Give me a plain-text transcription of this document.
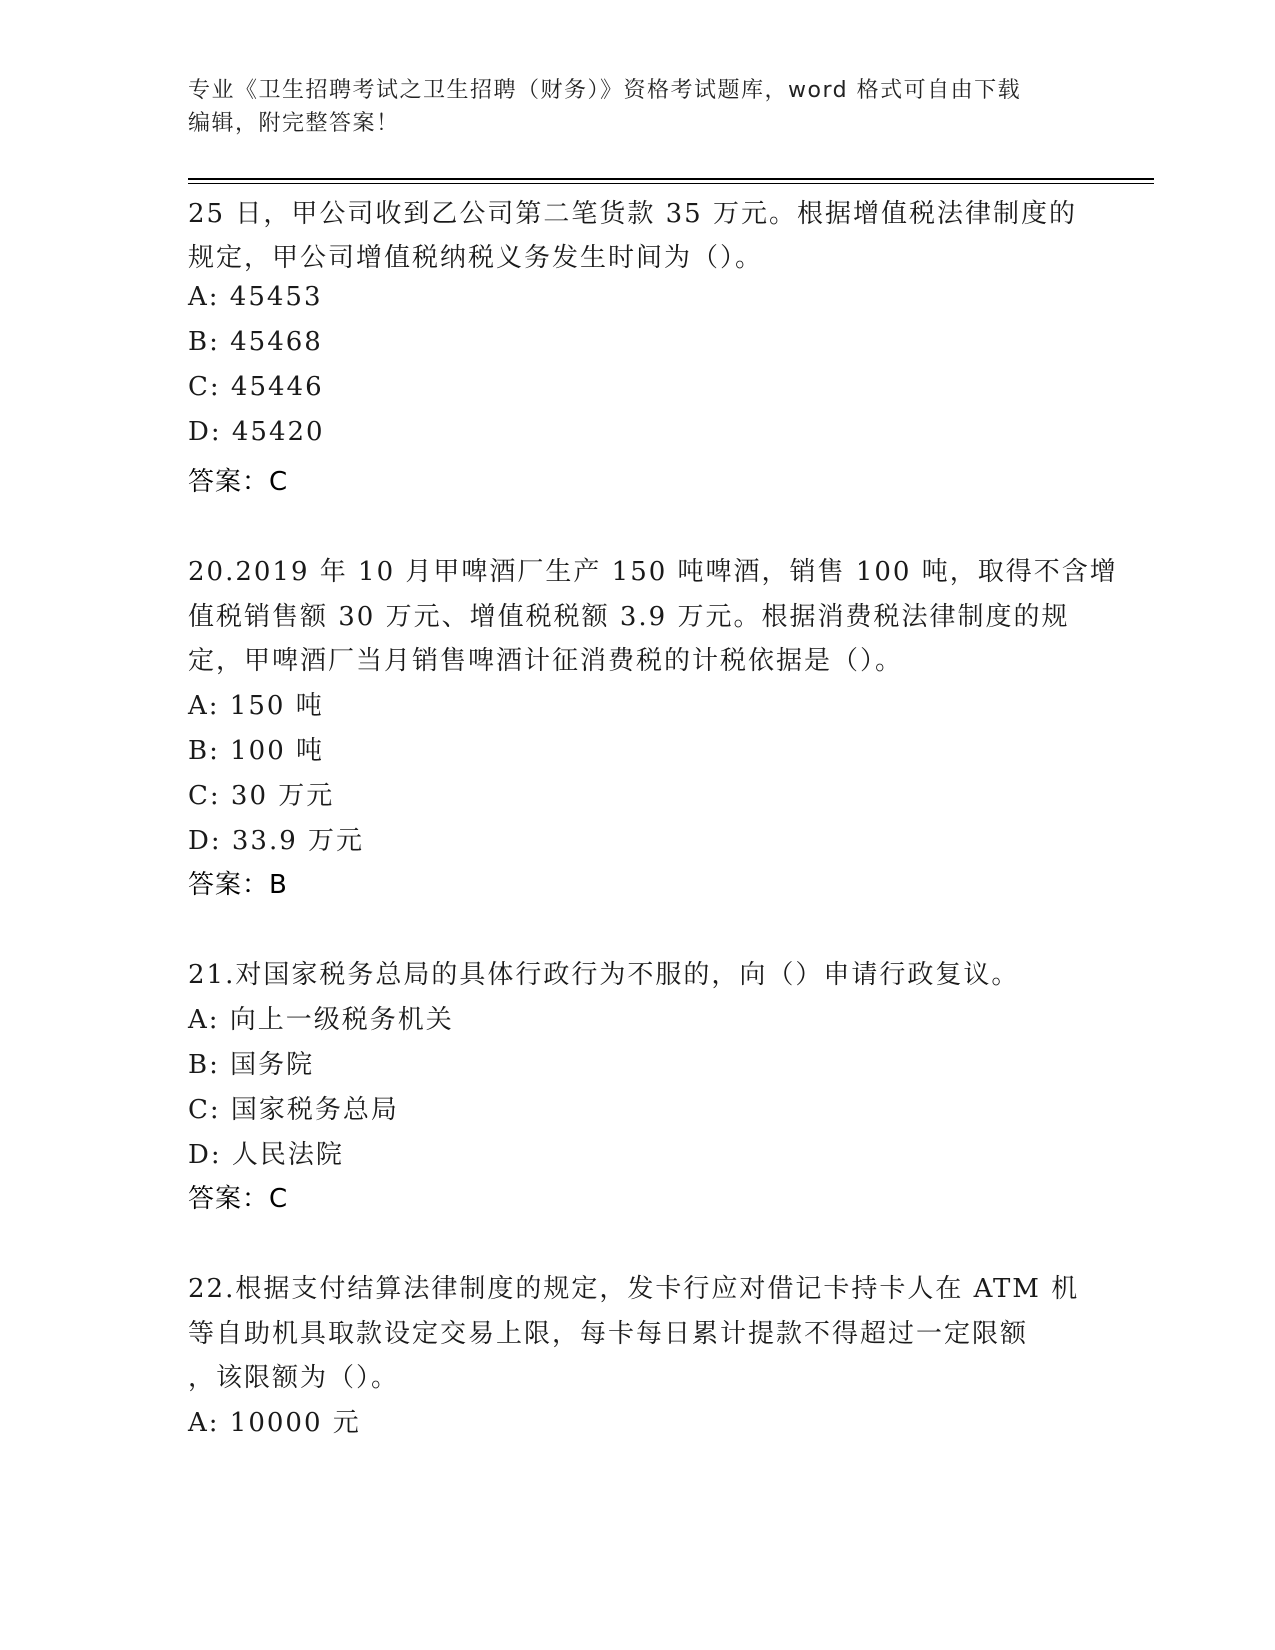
专业《卫生招聘考试之卫生招聘（财务）》资格考试题库，word 格式可自由下载
编辑，附完整答案！
25 日，甲公司收到乙公司第二笔货款 35 万元。根据增值税法律制度的
规定，甲公司增值税纳税义务发生时间为（）。
A: 45453
B: 45468
C: 45446
D: 45420
答案：C
20.2019 年 10 月甲啤酒厂生产 150 吨啤酒，销售 100 吨，取得不含增
值税销售额 30 万元、增值税税额 3.9 万元。根据消费税法律制度的规
定，甲啤酒厂当月销售啤酒计征消费税的计税依据是（）。
A: 150 吨
B: 100 吨
C: 30 万元
D: 33.9 万元
答案：B
21.对国家税务总局的具体行政行为不服的，向（）申请行政复议。
A: 向上一级税务机关
B: 国务院
C: 国家税务总局
D: 人民法院
答案：C
22.根据支付结算法律制度的规定，发卡行应对借记卡持卡人在 ATM 机
等自助机具取款设定交易上限，每卡每日累计提款不得超过一定限额
，该限额为（）。
A: 10000 元
